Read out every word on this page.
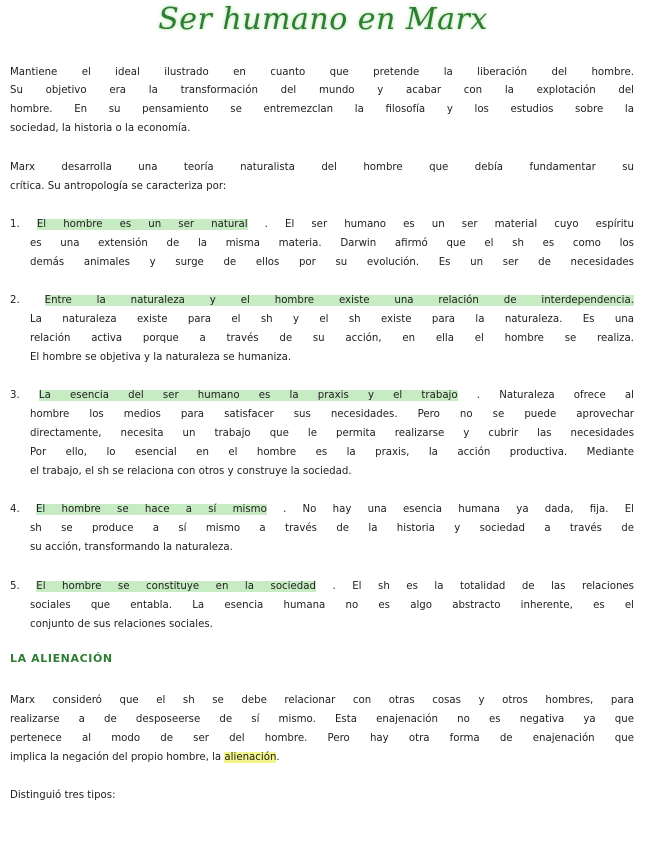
Ser humano en Marx
Mantiene el ideal ilustrado en cuanto que pretende la liberación del hombre.
Su objetivo era la transformación del mundo y acabar con la explotación del
hombre. En su pensamiento se entremezclan la filosofía y los estudios sobre la
sociedad, la historia o la economía.
Marx desarrolla una teoría naturalista del hombre que debía fundamentar su
crítica. Su antropología se caracteriza por:
1. El hombre es un ser natural . El ser humano es un ser material cuyo espíritu
es una extensión de la misma materia. Darwin afirmó que el sh es como los
demás animales y surge de ellos por su evolución. Es un ser de necesidades
2. Entre la naturaleza y el hombre existe una relación de interdependencia.
La naturaleza existe para el sh y el sh existe para la naturaleza. Es una
relación activa porque a través de su acción, en ella el hombre se realiza.
El hombre se objetiva y la naturaleza se humaniza.
3. La esencia del ser humano es la praxis y el trabajo . Naturaleza ofrece al
hombre los medios para satisfacer sus necesidades. Pero no se puede aprovechar
directamente, necesita un trabajo que le permita realizarse y cubrir las necesidades
Por ello, lo esencial en el hombre es la praxis, la acción productiva. Mediante
el trabajo, el sh se relaciona con otros y construye la sociedad.
4. El hombre se hace a sí mismo . No hay una esencia humana ya dada, fija. El
sh se produce a sí mismo a través de la historia y sociedad a través de
su acción, transformando la naturaleza.
5. El hombre se constituye en la sociedad . El sh es la totalidad de las relaciones
sociales que entabla. La esencia humana no es algo abstracto inherente, es el
conjunto de sus relaciones sociales.
LA ALIENACIÓN
Marx consideró que el sh se debe relacionar con otras cosas y otros hombres, para
realizarse a de desposeerse de sí mismo. Esta enajenación no es negativa ya que
pertenece al modo de ser del hombre. Pero hay otra forma de enajenación que
implica la negación del propio hombre, la alienación.
Distinguió tres tipos:
